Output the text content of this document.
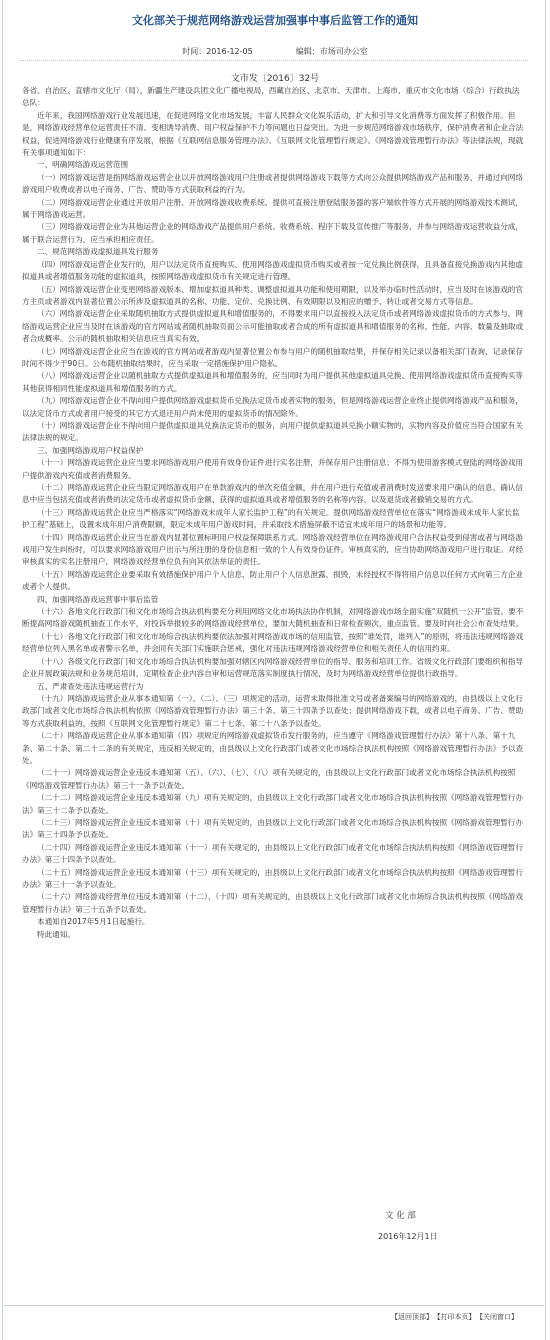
文化部关于规范网络游戏运营加强事中事后监管工作的通知
时间：2016-12-05	编辑：市场司办公室
文市发〔2016〕32号

各省、自治区、直辖市文化厅（局），新疆生产建设兵团文化广播电视局，西藏自治区、北京市、天津市、上海市、重庆市文化市场（综合）行政执法总队：

近年来，我国网络游戏行业发展迅速，在促进网络文化市场发展，丰富人民群众文化娱乐活动，扩大和引导文化消费等方面发挥了积极作用。但是，网络游戏经营单位运营责任不清、变相诱导消费、用户权益保护不力等问题也日益突出。为进一步规范网络游戏市场秩序，保护消费者和企业合法权益，促进网络游戏行业健康有序发展，根据《互联网信息服务管理办法》、《互联网文化管理暂行规定》、《网络游戏管理暂行办法》等法律法规，现就有关事项通知如下：

一、明确网络游戏运营范围

（一）网络游戏运营是指网络游戏运营企业以开放网络游戏用户注册或者提供网络游戏下载等方式向公众提供网络游戏产品和服务，并通过向网络游戏用户收费或者以电子商务、广告、赞助等方式获取利益的行为。

（二）网络游戏运营企业通过开放用户注册、开放网络游戏收费系统、提供可直接注册登陆服务器的客户端软件等方式开展的网络游戏技术测试，属于网络游戏运营。

（三）网络游戏运营企业为其他运营企业的网络游戏产品提供用户系统、收费系统、程序下载及宣传推广等服务，并参与网络游戏运营收益分成，属于联合运营行为，应当承担相应责任。

二、规范网络游戏虚拟道具发行服务

（四）网络游戏运营企业发行的，用户以法定货币直接购买、使用网络游戏虚拟货币购买或者按一定兑换比例获得，且具备直接兑换游戏内其他虚拟道具或者增值服务功能的虚拟道具，按照网络游戏虚拟货币有关规定进行管理。

（五）网络游戏运营企业变更网络游戏版本、增加虚拟道具种类、调整虚拟道具功能和使用期限，以及举办临时性活动时，应当及时在该游戏的官方主页或者游戏内显著位置公示所涉及虚拟道具的名称、功能、定价、兑换比例、有效期限以及相应的赠予、转让或者交易方式等信息。

（六）网络游戏运营企业采取随机抽取方式提供虚拟道具和增值服务的，不得要求用户以直接投入法定货币或者网络游戏虚拟货币的方式参与。网络游戏运营企业应当及时在该游戏的官方网站或者随机抽取页面公示可能抽取或者合成的所有虚拟道具和增值服务的名称、性能、内容、数量及抽取或者合成概率。公示的随机抽取相关信息应当真实有效。

（七）网络游戏运营企业应当在游戏的官方网站或者游戏内显著位置公布参与用户的随机抽取结果，并保存相关记录以备相关部门查询，记录保存时间不得少于90日。公布随机抽取结果时，应当采取一定措施保护用户隐私。

（八）网络游戏运营企业以随机抽取方式提供虚拟道具和增值服务的，应当同时为用户提供其他虚拟道具兑换、使用网络游戏虚拟货币直接购买等其他获得相同性能虚拟道具和增值服务的方式。

（九）网络游戏运营企业不得向用户提供网络游戏虚拟货币兑换法定货币或者实物的服务，但是网络游戏运营企业终止提供网络游戏产品和服务，以法定货币方式或者用户接受的其它方式退还用户尚未使用的虚拟货币的情况除外。

（十）网络游戏运营企业不得向用户提供虚拟道具兑换法定货币的服务，向用户提供虚拟道具兑换小额实物的，实物内容及价值应当符合国家有关法律法规的规定。

三、加强网络游戏用户权益保护

（十一）网络游戏运营企业应当要求网络游戏用户使用有效身份证件进行实名注册，并保存用户注册信息；不得为使用游客模式登陆的网络游戏用户提供游戏内充值或者消费服务。

（十二）网络游戏运营企业应当限定网络游戏用户在单款游戏内的单次充值金额，并在用户进行充值或者消费时发送要求用户确认的信息。确认信息中应当包括充值或者消费的法定货币或者虚拟货币金额、获得的虚拟道具或者增值服务的名称等内容，以及退货或者撤销交易的方式。

（十三）网络游戏运营企业应当严格落实“网络游戏未成年人家长监护工程”的有关规定。提供网络游戏经营单位在落实“网络游戏未成年人家长监护工程”基础上，设置未成年用户消费限额，限定未成年用户游戏时间，并采取技术措施屏蔽不适宜未成年用户的场景和功能等。

（十四）网络游戏运营企业应当在游戏内显著位置标明用户权益保障联系方式。网络游戏经营单位在网络游戏用户合法权益受到侵害或者与网络游戏用户发生纠纷时，可以要求网络游戏用户出示与所注册的身份信息相一致的个人有效身份证件。审核真实的，应当协助网络游戏用户进行取证。对经审核真实的实名注册用户，网络游戏经营单位负有向其依法举证的责任。

（十五）网络游戏运营企业要采取有效措施保护用户个人信息，防止用户个人信息泄露、损毁，未经授权不得将用户信息以任何方式向第三方企业或者个人提供。

四、加强网络游戏运营事中事后监管

（十六）各地文化行政部门和文化市场综合执法机构要充分利用网络文化市场执法协作机制，对网络游戏市场全面实施“双随机一公开”监管。要不断提高网络游戏随机抽查工作水平，对投诉举报较多的网络游戏经营单位，要加大随机抽查和日常检查频次，重点监管。要及时向社会公布查处结果。

（十七）各地文化行政部门和文化市场综合执法机构要依法加强对网络游戏市场的信用监管，按照“谁处罚，谁列入”的原则，将违法违规网络游戏经营单位列入黑名单或者警示名单，并会同有关部门实施联合惩戒，强化对违法违规网络游戏经营单位和相关责任人的信用约束。

（十八）各级文化行政部门和文化市场综合执法机构要加强对辖区内网络游戏经营单位的指导、服务和培训工作。省级文化行政部门要组织和指导企业开展政策法规和业务规范培训，定期检查企业内容自审和运营规范落实制度执行情况，及时为网络游戏经营单位提供行政指导。

五、严肃查处违法违规运营行为

（十九）网络游戏运营企业从事本通知第（一）、（二）、（三）项规定的活动，运营未取得批准文号或者备案编号的网络游戏的，由县级以上文化行政部门或者文化市场综合执法机构依照《网络游戏管理暂行办法》第三十条、第三十四条予以查处；提供网络游戏下载，或者以电子商务、广告、赞助等方式获取利益的，按照《互联网文化管理暂行规定》第二十七条、第二十八条予以查处。

（二十）网络游戏运营企业从事本通知第（四）项规定的网络游戏虚拟货币发行服务的，应当遵守《网络游戏管理暂行办法》第十八条、第十九条、第二十条、第二十二条的有关规定，违反相关规定的，由县级以上文化行政部门或者文化市场综合执法机构按照《网络游戏管理暂行办法》予以查处。

（二十一）网络游戏运营企业违反本通知第（五）、（六）、（七）、（八）项有关规定的，由县级以上文化行政部门或者文化市场综合执法机构按照《网络游戏管理暂行办法》第三十一条予以查处。

（二十二）网络游戏运营企业违反本通知第（九）项有关规定的，由县级以上文化行政部门或者文化市场综合执法机构按照《网络游戏管理暂行办法》第三十二条予以查处。

（二十三）网络游戏运营企业违反本通知第（十）项有关规定的，由县级以上文化行政部门或者文化市场综合执法机构按照《网络游戏管理暂行办法》第三十四条予以查处。

（二十四）网络游戏运营企业违反本通知第（十一）项有关规定的，由县级以上文化行政部门或者文化市场综合执法机构按照《网络游戏管理暂行办法》第三十四条予以查处。

（二十五）网络游戏运营企业违反本通知第（十三）项有关规定的，由县级以上文化行政部门或者文化市场综合执法机构按照《网络游戏管理暂行办法》第三十一条予以查处。

（二十六）网络游戏经营单位违反本通知第（十二）、（十四）项有关规定的，由县级以上文化行政部门或者文化市场综合执法机构按照《网络游戏管理暂行办法》第三十五条予以查处。

本通知自2017年5月1日起施行。

特此通知。

文 化 部
2016年12月1日
【返回顶部】 【打印本页】 【关闭窗口】
